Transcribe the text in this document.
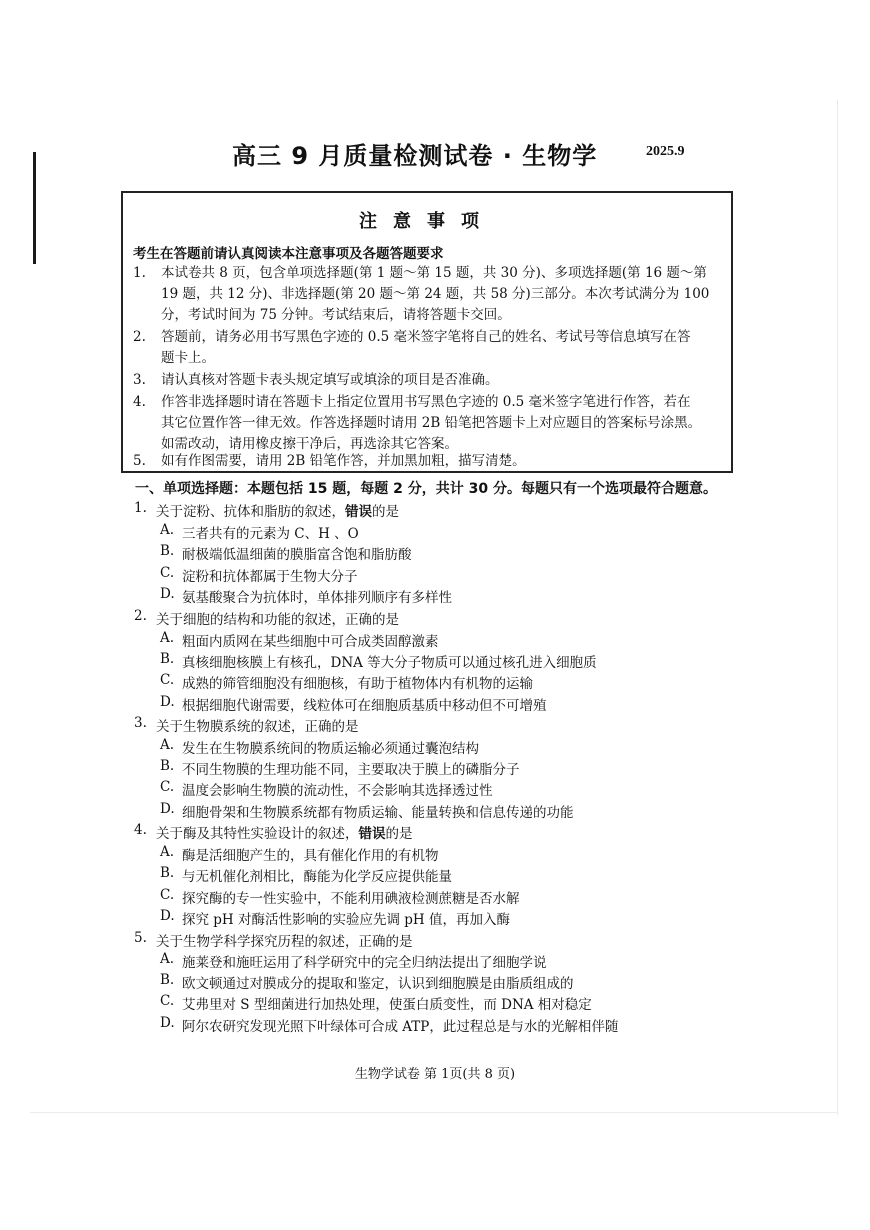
高三 9 月质量检测试卷 · 生物学	2025.9
注意事项
考生在答题前请认真阅读本注意事项及各题答题要求
1. 本试卷共 8 页，包含单项选择题(第 1 题～第 15 题，共 30 分)、多项选择题(第 16 题～第
19 题，共 12 分)、非选择题(第 20 题～第 24 题，共 58 分)三部分。本次考试满分为 100
分，考试时间为 75 分钟。考试结束后，请将答题卡交回。
2. 答题前，请务必用书写黑色字迹的 0.5 毫米签字笔将自己的姓名、考试号等信息填写在答
题卡上。
3. 请认真核对答题卡表头规定填写或填涂的项目是否准确。
4. 作答非选择题时请在答题卡上指定位置用书写黑色字迹的 0.5 毫米签字笔进行作答，若在
其它位置作答一律无效。作答选择题时请用 2B 铅笔把答题卡上对应题目的答案标号涂黑。
如需改动，请用橡皮擦干净后，再选涂其它答案。
5. 如有作图需要，请用 2B 铅笔作答，并加黑加粗，描写清楚。
一、单项选择题：本题包括 15 题，每题 2 分，共计 30 分。每题只有一个选项最符合题意。
1. 关于淀粉、抗体和脂肪的叙述，错误的是
A. 三者共有的元素为 C、H 、O
B. 耐极端低温细菌的膜脂富含饱和脂肪酸
C. 淀粉和抗体都属于生物大分子
D. 氨基酸聚合为抗体时，单体排列顺序有多样性
2. 关于细胞的结构和功能的叙述，正确的是
A. 粗面内质网在某些细胞中可合成类固醇激素
B. 真核细胞核膜上有核孔，DNA 等大分子物质可以通过核孔进入细胞质
C. 成熟的筛管细胞没有细胞核，有助于植物体内有机物的运输
D. 根据细胞代谢需要，线粒体可在细胞质基质中移动但不可增殖
3. 关于生物膜系统的叙述，正确的是
A. 发生在生物膜系统间的物质运输必须通过囊泡结构
B. 不同生物膜的生理功能不同，主要取决于膜上的磷脂分子
C. 温度会影响生物膜的流动性，不会影响其选择透过性
D. 细胞骨架和生物膜系统都有物质运输、能量转换和信息传递的功能
4. 关于酶及其特性实验设计的叙述，错误的是
A. 酶是活细胞产生的，具有催化作用的有机物
B. 与无机催化剂相比，酶能为化学反应提供能量
C. 探究酶的专一性实验中，不能利用碘液检测蔗糖是否水解
D. 探究 pH 对酶活性影响的实验应先调 pH 值，再加入酶
5. 关于生物学科学探究历程的叙述，正确的是
A. 施莱登和施旺运用了科学研究中的完全归纳法提出了细胞学说
B. 欧文顿通过对膜成分的提取和鉴定，认识到细胞膜是由脂质组成的
C. 艾弗里对 S 型细菌进行加热处理，使蛋白质变性，而 DNA 相对稳定
D. 阿尔农研究发现光照下叶绿体可合成 ATP，此过程总是与水的光解相伴随
生物学试卷 第 1页(共 8 页)
